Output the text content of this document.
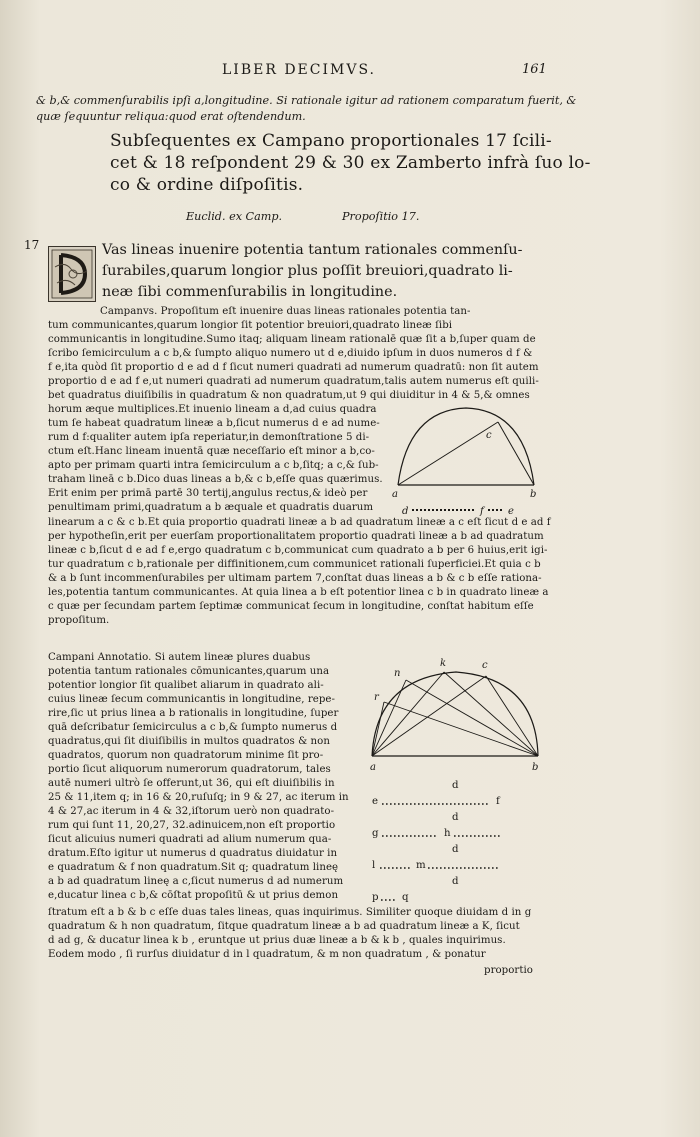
LIBER DECIMVS.	161
& b,& commenſurabilis ipſi a,longitudine. Si rationale igitur ad rationem comparatum fuerit, &
quæ ſequuntur reliqua:quod erat oſtendendum.
Subſequentes ex Campano proportionales 17 ſcili-
cet & 18 reſpondent 29 & 30 ex Zamberto infrà ſuo lo-
co & ordine diſpoſitis.
Euclid. ex Camp.	Propoſitio 17.
17	Vas lineas inuenire potentia tantum rationales commenſu-
ſurabiles,quarum longior plus poſſit breuiori,quadrato li-
neæ ſibi commenſurabilis in longitudine.
Campanvs. Propoſitum eſt inuenire duas lineas rationales potentia tan-
tum communicantes,quarum longior ſit potentior breuiori,quadrato lineæ ſibi
communicantis in longitudine.Sumo itaq; aliquam lineam rationalē quæ ſit a b,ſuper quam de
ſcribo ſemicirculum a c b,& ſumpto aliquo numero ut d e,diuido ipſum in duos numeros d f &
f e,ita quòd ſit proportio d e ad d f ſicut numeri quadrati ad numerum quadratū: non ſit autem
proportio d e ad f e,ut numeri quadrati ad numerum quadratum,talis autem numerus eſt quili-
bet quadratus diuiſibilis in quadratum & non quadratum,ut 9 qui diuiditur in 4 & 5,& omnes
horum æque multiplices.Et inuenio lineam a d,ad cuius quadra
tum ſe habeat quadratum lineæ a b,ſicut numerus d e ad nume-
rum d f:qualiter autem ipſa reperiatur,in demonſtratione 5 di-
ctum eſt.Hanc lineam inuentā quæ neceſſario eſt minor a b,co-
apto per primam quarti intra ſemicirculum a c b,ſitq; a c,& ſub-
traham lineā c b.Dico duas lineas a b,& c b,eſſe quas quærimus.
Erit enim per primā partē 30 tertij,angulus rectus,& ideò per
penultimam primi,quadratum a b æquale et quadratis duarum
c
a	b
d	f e
linearum a c & c b.Et quia proportio quadrati lineæ a b ad quadratum lineæ a c eſt ſicut d e ad f
per hypotheſin,erit per euerſam proportionalitatem proportio quadrati lineæ a b ad quadratum
lineæ c b,ſicut d e ad f e,ergo quadratum c b,communicat cum quadrato a b per 6 huius,erit igi-
tur quadratum c b,rationale per diffinitionem,cum communicet rationali ſuperficiei.Et quia c b
& a b ſunt incommenſurabiles per ultimam partem 7,conſtat duas lineas a b & c b eſſe rationa-
les,potentia tantum communicantes. At quia linea a b eſt potentior linea c b in quadrato lineæ a
c quæ per ſecundam partem ſeptimæ communicat ſecum in longitudine, conſtat habitum eſſe
propoſitum.
Campani Annotatio. Si autem lineæ plures duabus
potentia tantum rationales cōmunicantes,quarum una
potentior longior ſit qualibet aliarum in quadrato ali-
cuius lineæ ſecum communicantis in longitudine, repe-
rire,ſic ut prius linea a b rationalis in longitudine, ſuper
quā deſcribatur ſemicirculus a c b,& ſumpto numerus d
quadratus,qui ſit diuiſibilis in multos quadratos & non
quadratos, quorum non quadratorum minime ſit pro-
portio ſicut aliquorum numerorum quadratorum, tales
autē numeri ultrò ſe offerunt,ut 36, qui eſt diuiſibilis in
25 & 11,item q; in 16 & 20,ruſuſq; in 9 & 27, ac iterum in
4 & 27,ac iterum in 4 & 32,iſtorum uerò non quadrato-
rum qui ſunt 11, 20,27, 32.adinuicem,non eſt proportio
ſicut alicuius numeri quadrati ad alium numerum qua-
dratum.Eſto igitur ut numerus d quadratus diuidatur in
e quadratum & f non quadratum.Sit q; quadratum lineę
a b ad quadratum lineę a c,ſicut numerus d ad numerum
e,ducatur linea c b,& cōſtat propoſitū & ut prius demon
n
k	c
r
a	b
d
e	f
d
g	h
d
l	m
d
p q
ſtratum eſt a b & b c eſſe duas tales lineas, quas inquirimus. Similiter quoque diuidam d in g
quadratum & h non quadratum, ſitque quadratum lineæ a b ad quadratum lineæ a K, ſicut
d ad g, & ducatur linea k b , eruntque ut prius duæ lineæ a b & k b , quales inquirimus.
Eodem modo , ſi rurſus diuidatur d in l quadratum, & m non quadratum , & ponatur
proportio
